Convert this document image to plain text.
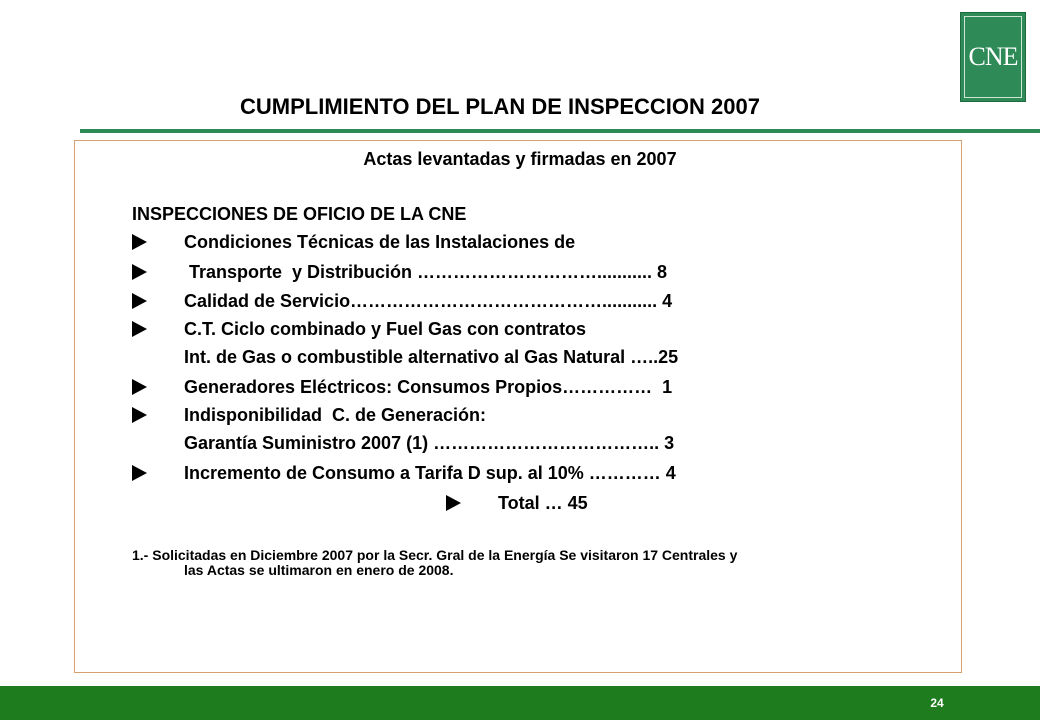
CNE
CUMPLIMIENTO DEL PLAN DE INSPECCION 2007
Actas levantadas y firmadas en 2007
INSPECCIONES DE OFICIO DE LA CNE
Condiciones Técnicas de las Instalaciones de
Transporte  y Distribución …………………………........... 8
Calidad de Servicio……………………………………........... 4
C.T. Ciclo combinado y Fuel Gas con contratos
Int. de Gas o combustible alternativo al Gas Natural …..25
Generadores Eléctricos: Consumos Propios……………  1
Indisponibilidad  C. de Generación:
Garantía Suministro 2007 (1) ……………………………….. 3
Incremento de Consumo a Tarifa D sup. al 10% ………… 4
Total … 45
1.- Solicitadas en Diciembre 2007 por la Secr. Gral de la Energía Se visitaron 17 Centrales y
las Actas se ultimaron en enero de 2008.
24
